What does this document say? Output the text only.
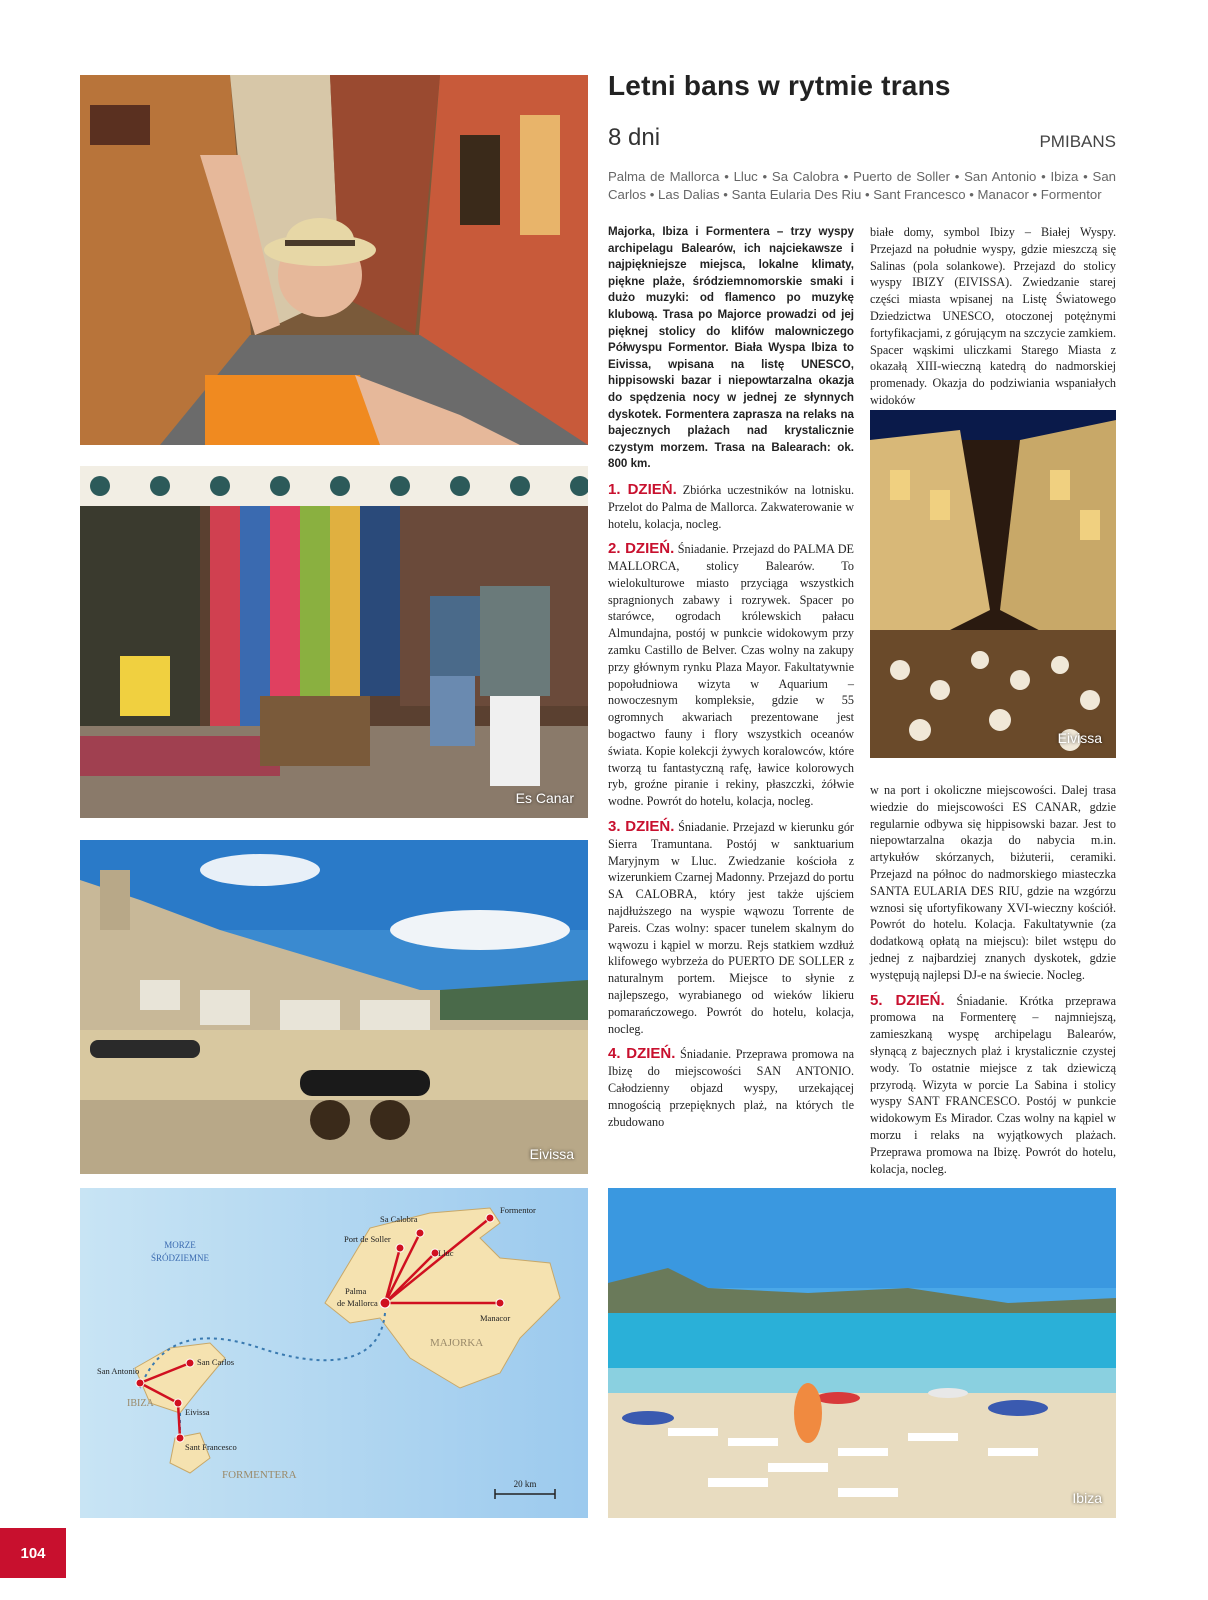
Es Canar
Eivissa
Letni bans w rytmie trans
8 dni	PMIBANS
Palma de Mallorca • Lluc • Sa Calobra • Puerto de Soller • San Antonio • Ibiza • San Carlos • Las Dalias • Santa Eularia Des Riu • Sant Francesco • Manacor • Formentor

Majorka, Ibiza i Formentera – trzy wyspy archipelagu Balearów, ich najciekawsze i najpiękniejsze miejsca, lokalne klimaty, piękne plaże, śródziemnomorskie smaki i dużo muzyki: od flamenco po muzykę klubową. Trasa po Majorce prowadzi od jej pięknej stolicy do klifów malowniczego Półwyspu Formentor. Biała Wyspa Ibiza to Eivissa, wpisana na listę UNESCO, hippisowski bazar i niepowtarzalna okazja do spędzenia nocy w jednej ze słynnych dyskotek. Formentera zaprasza na relaks na bajecznych plażach nad krystalicznie czystym morzem. Trasa na Balearach: ok. 800 km.

1. DZIEŃ. Zbiórka uczestników na lotnisku. Przelot do Palma de Mallorca. Zakwaterowanie w hotelu, kolacja, nocleg.

2. DZIEŃ. Śniadanie. Przejazd do PALMA DE MALLORCA, stolicy Balearów. To wielokulturowe miasto przyciąga wszystkich spragnionych zabawy i rozrywek. Spacer po starówce, ogrodach królewskich pałacu Almundajna, postój w punkcie widokowym przy zamku Castillo de Belver. Czas wolny na zakupy przy głównym rynku Plaza Mayor. Fakultatywnie popołudniowa wizyta w Aquarium – nowoczesnym kompleksie, gdzie w 55 ogromnych akwariach prezentowane jest bogactwo fauny i flory wszystkich oceanów świata. Kopie kolekcji żywych koralowców, które tworzą tu fantastyczną rafę, ławice kolorowych ryb, groźne piranie i rekiny, płaszczki, żółwie wodne. Powrót do hotelu, kolacja, nocleg.

3. DZIEŃ. Śniadanie. Przejazd w kierunku gór Sierra Tramuntana. Postój w sanktuarium Maryjnym w Lluc. Zwiedzanie kościoła z wizerunkiem Czarnej Madonny. Przejazd do portu SA CALOBRA, który jest także ujściem najdłuższego na wyspie wąwozu Torrente de Pareis. Czas wolny: spacer tunelem skalnym do wąwozu i kąpiel w morzu. Rejs statkiem wzdłuż klifowego wybrzeża do PUERTO DE SOLLER z naturalnym portem. Miejsce to słynie z najlepszego, wyrabianego od wieków likieru pomarańczowego. Powrót do hotelu, kolacja, nocleg.

4. DZIEŃ. Śniadanie. Przeprawa promowa na Ibizę do miejscowości SAN ANTONIO. Całodzienny objazd wyspy, urzekającej mnogością przepięknych plaż, na których tle zbudowano

białe domy, symbol Ibizy – Białej Wyspy. Przejazd na południe wyspy, gdzie mieszczą się Salinas (pola solankowe). Przejazd do stolicy wyspy IBIZY (EIVISSA). Zwiedzanie starej części miasta wpisanej na Listę Światowego Dziedzictwa UNESCO, otoczonej potężnymi fortyfikacjami, z górującym na szczycie zamkiem. Spacer wąskimi uliczkami Starego Miasta z okazałą XIII-wieczną katedrą do nadmorskiej promenady. Okazja do podziwiania wspaniałych widoków

Eivissa

w na port i okoliczne miejscowości. Dalej trasa wiedzie do miejscowości ES CANAR, gdzie regularnie odbywa się hippisowski bazar. Jest to niepowtarzalna okazja do nabycia m.in. artykułów skórzanych, biżuterii, ceramiki. Przejazd na północ do nadmorskiego miasteczka SANTA EULARIA DES RIU, gdzie na wzgórzu wznosi się ufortyfikowany XVI-wieczny kościół. Powrót do hotelu. Kolacja. Fakultatywnie (za dodatkową opłatą na miejscu): bilet wstępu do jednej z najbardziej znanych dyskotek, gdzie występują najlepsi DJ-e na świecie. Nocleg.

5. DZIEŃ. Śniadanie. Krótka przeprawa promowa na Formenterę – najmniejszą, zamieszkaną wyspę archipelagu Balearów, słynącą z bajecznych plaż i krystalicznie czystej wody. To ostatnie miejsce z tak dziewiczą przyrodą. Wizyta w porcie La Sabina i stolicy wyspy SANT FRANCESCO. Postój w punkcie widokowym Es Mirador. Czas wolny na kąpiel w morzu i relaks na wyjątkowych plażach. Przeprawa promowa na Ibizę. Powrót do hotelu, kolacja, nocleg.

MORZE
ŚRÓDZIEMNE
MAJORKA
IBIZA
FORMENTERA
Sa Calobra
Formentor
Port de Soller
Lluc
Palma
de Mallorca
Manacor
San Antonio
San Carlos
Eivissa
Sant Francesco
20 km
Ibiza
104
